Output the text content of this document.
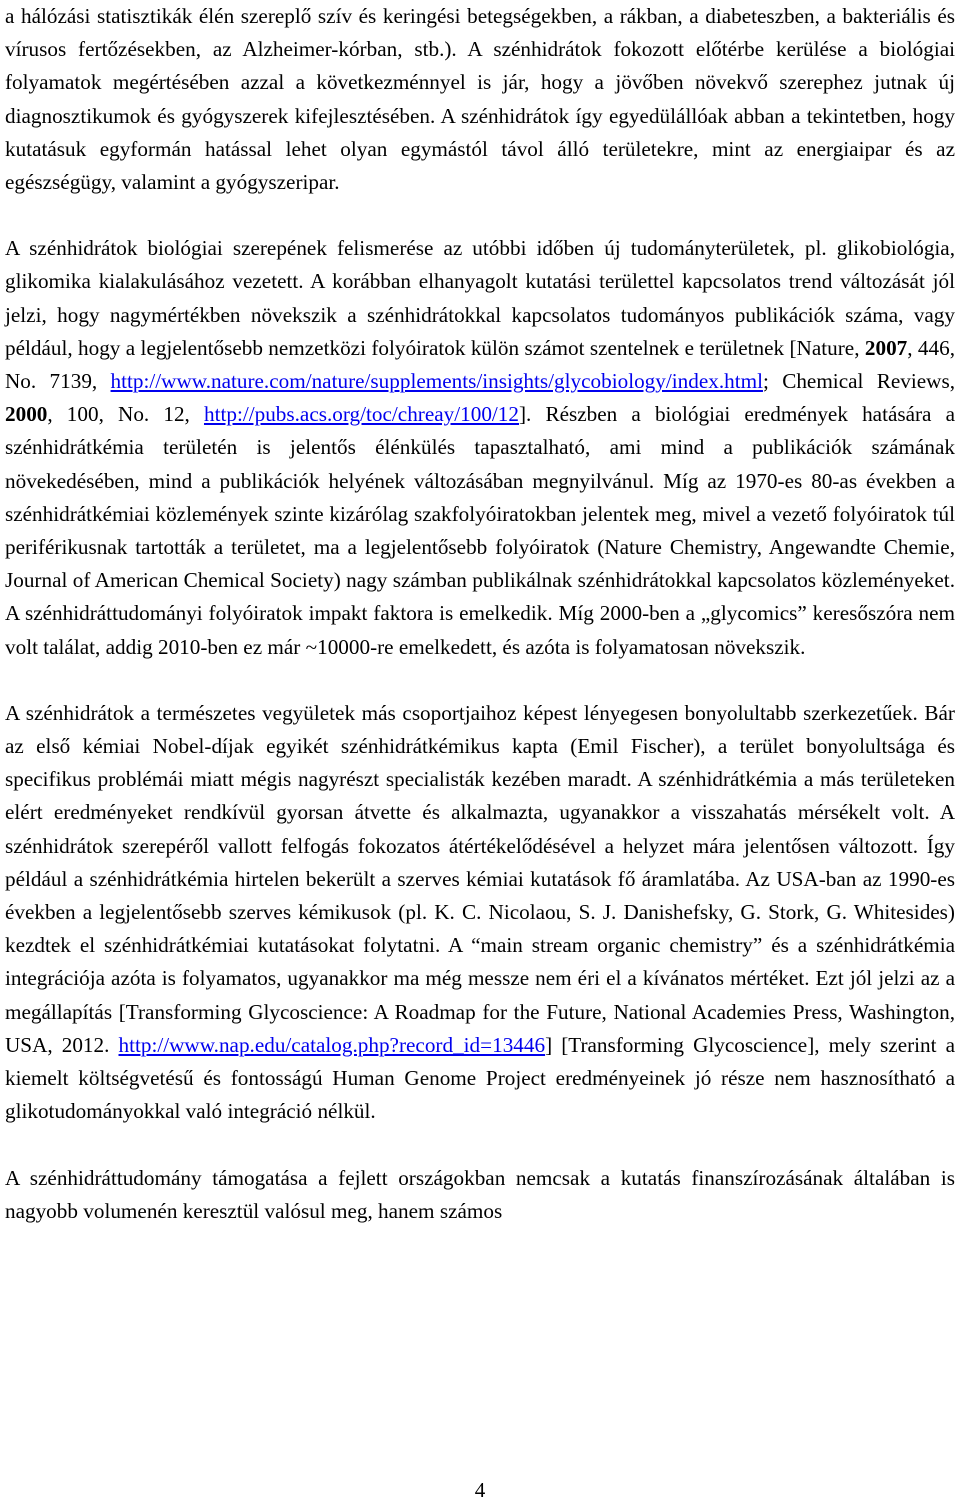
a hálózási statisztikák élén szereplő szív és keringési betegségekben, a rákban, a diabeteszben, a bakteriális és vírusos fertőzésekben, az Alzheimer-kórban, stb.). A szénhidrátok fokozott előtérbe kerülése a biológiai folyamatok megértésében azzal a következménnyel is jár, hogy a jövőben növekvő szerephez jutnak új diagnosztikumok és gyógyszerek kifejlesztésében. A szénhidrátok így egyedülállóak abban a tekintetben, hogy kutatásuk egyformán hatással lehet olyan egymástól távol álló területekre, mint az energiaipar és az egészségügy, valamint a gyógyszeripar.

A szénhidrátok biológiai szerepének felismerése az utóbbi időben új tudományterületek, pl. glikobiológia, glikomika kialakulásához vezetett. A korábban elhanyagolt kutatási területtel kapcsolatos trend változását jól jelzi, hogy nagymértékben növekszik a szénhidrátokkal kapcsolatos tudományos publikációk száma, vagy például, hogy a legjelentősebb nemzetközi folyóiratok külön számot szentelnek e területnek [Nature, 2007, 446, No. 7139, http://www.nature.com/nature/supplements/insights/glycobiology/index.html; Chemical Reviews, 2000, 100, No. 12, http://pubs.acs.org/toc/chreay/100/12]. Részben a biológiai eredmények hatására a szénhidrátkémia területén is jelentős élénkülés tapasztalható, ami mind a publikációk számának növekedésében, mind a publikációk helyének változásában megnyilvánul. Míg az 1970-es 80-as években a szénhidrátkémiai közlemények szinte kizárólag szakfolyóiratokban jelentek meg, mivel a vezető folyóiratok túl periférikusnak tartották a területet, ma a legjelentősebb folyóiratok (Nature Chemistry, Angewandte Chemie, Journal of American Chemical Society) nagy számban publikálnak szénhidrátokkal kapcsolatos közleményeket. A szénhidráttudományi folyóiratok impakt faktora is emelkedik. Míg 2000-ben a „glycomics” keresőszóra nem volt találat, addig 2010-ben ez már ~10000-re emelkedett, és azóta is folyamatosan növekszik.

A szénhidrátok a természetes vegyületek más csoportjaihoz képest lényegesen bonyolultabb szerkezetűek. Bár az első kémiai Nobel-díjak egyikét szénhidrátkémikus kapta (Emil Fischer), a terület bonyolultsága és specifikus problémái miatt mégis nagyrészt specialisták kezében maradt. A szénhidrátkémia a más területeken elért eredményeket rendkívül gyorsan átvette és alkalmazta, ugyanakkor a visszahatás mérsékelt volt. A szénhidrátok szerepéről vallott felfogás fokozatos átértékelődésével a helyzet mára jelentősen változott. Így például a szénhidrátkémia hirtelen bekerült a szerves kémiai kutatások fő áramlatába. Az USA-ban az 1990-es években a legjelentősebb szerves kémikusok (pl. K. C. Nicolaou, S. J. Danishefsky, G. Stork, G. Whitesides) kezdtek el szénhidrátkémiai kutatásokat folytatni. A “main stream organic chemistry” és a szénhidrátkémia integrációja azóta is folyamatos, ugyanakkor ma még messze nem éri el a kívánatos mértéket. Ezt jól jelzi az a megállapítás [Transforming Glycoscience: A Roadmap for the Future, National Academies Press, Washington, USA, 2012. http://www.nap.edu/catalog.php?record_id=13446] [Transforming Glycoscience], mely szerint a kiemelt költségvetésű és fontosságú Human Genome Project eredményeinek jó része nem hasznosítható a glikotudományokkal való integráció nélkül.

A szénhidráttudomány támogatása a fejlett országokban nemcsak a kutatás finanszírozásának általában is nagyobb volumenén keresztül valósul meg, hanem számos

4
